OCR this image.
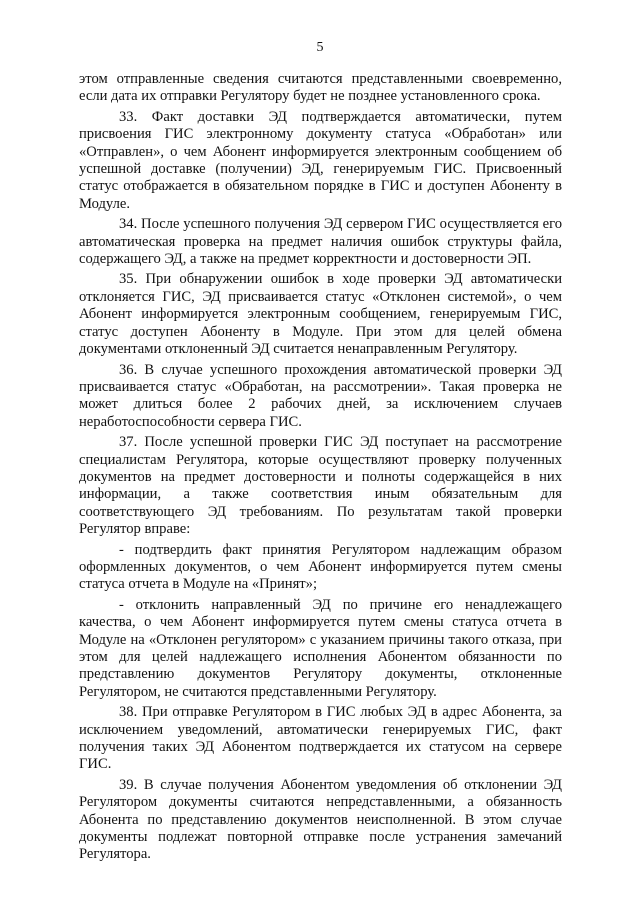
5

этом отправленные сведения считаются представленными своевременно, если дата их отправки Регулятору будет не позднее установленного срока.

33. Факт доставки ЭД подтверждается автоматически, путем присвоения ГИС электронному документу статуса «Обработан» или «Отправлен», о чем Абонент информируется электронным сообщением об успешной доставке (получении) ЭД, генерируемым ГИС. Присвоенный статус отображается в обязательном порядке в ГИС и доступен Абоненту в Модуле.

34. После успешного получения ЭД сервером ГИС осуществляется его автоматическая проверка на предмет наличия ошибок структуры файла, содержащего ЭД, а также на предмет корректности и достоверности ЭП.

35. При обнаружении ошибок в ходе проверки ЭД автоматически отклоняется ГИС, ЭД присваивается статус «Отклонен системой», о чем Абонент информируется электронным сообщением, генерируемым ГИС, статус доступен Абоненту в Модуле. При этом для целей обмена документами отклоненный ЭД считается ненаправленным Регулятору.

36. В случае успешного прохождения автоматической проверки ЭД присваивается статус «Обработан, на рассмотрении». Такая проверка не может длиться более 2 рабочих дней, за исключением случаев неработоспособности сервера ГИС.

37. После успешной проверки ГИС ЭД поступает на рассмотрение специалистам Регулятора, которые осуществляют проверку полученных документов на предмет достоверности и полноты содержащейся в них информации, а также соответствия иным обязательным для соответствующего ЭД требованиям. По результатам такой проверки Регулятор вправе:

- подтвердить факт принятия Регулятором надлежащим образом оформленных документов, о чем Абонент информируется путем смены статуса отчета в Модуле на «Принят»;

- отклонить направленный ЭД по причине его ненадлежащего качества, о чем Абонент информируется путем смены статуса отчета в Модуле на «Отклонен регулятором» с указанием причины такого отказа, при этом для целей надлежащего исполнения Абонентом обязанности по представлению документов Регулятору документы, отклоненные Регулятором, не считаются представленными Регулятору.

38. При отправке Регулятором в ГИС любых ЭД в адрес Абонента, за исключением уведомлений, автоматически генерируемых ГИС, факт получения таких ЭД Абонентом подтверждается их статусом на сервере ГИС.

39. В случае получения Абонентом уведомления об отклонении ЭД Регулятором документы считаются непредставленными, а обязанность Абонента по представлению документов неисполненной. В этом случае документы подлежат повторной отправке после устранения замечаний Регулятора.
